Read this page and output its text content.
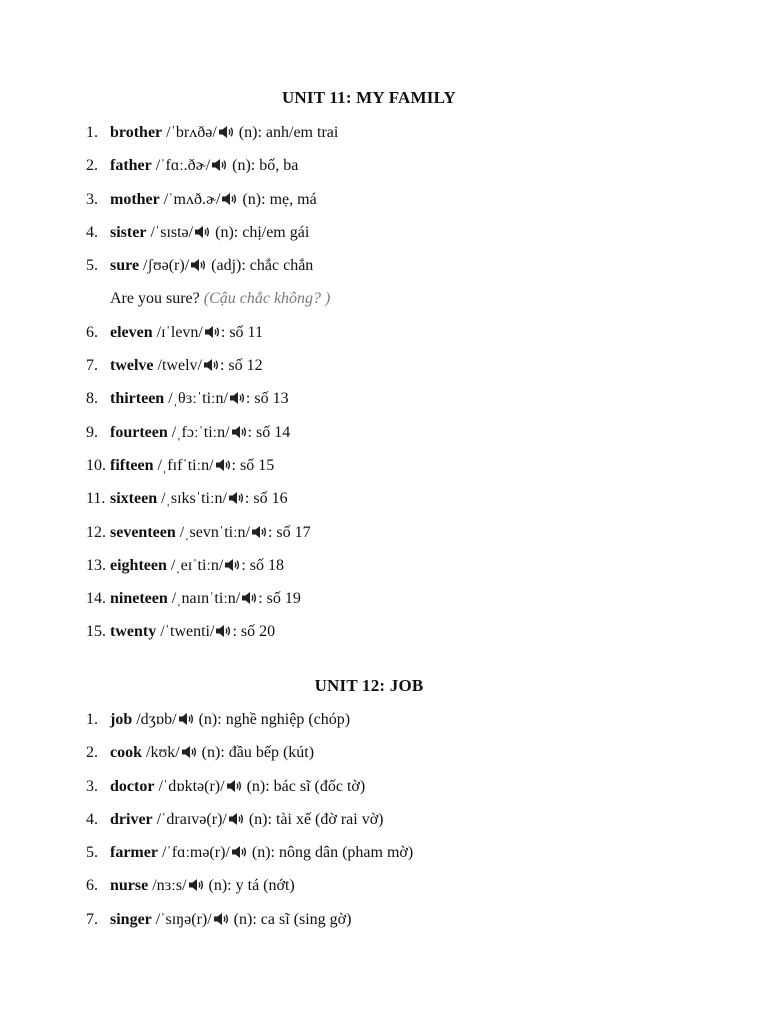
UNIT 11: MY FAMILY
1. brother /ˈbrʌðə/ (n): anh/em trai
2. father /ˈfɑː.ðɚ/ (n): bố, ba
3. mother /ˈmʌð.ɚ/ (n): mẹ, má
4. sister /ˈsɪstə/ (n): chị/em gái
5. sure /ʃʊə(r)/ (adj): chắc chắn
Are you sure? (Cậu chắc không? )
6. eleven /ɪˈlevn/ : số 11
7. twelve /twelv/ : số 12
8. thirteen /ˌθɜːˈtiːn/ : số 13
9. fourteen /ˌfɔːˈtiːn/ : số 14
10. fifteen /ˌfɪfˈtiːn/ : số 15
11. sixteen /ˌsɪksˈtiːn/ : số 16
12. seventeen /ˌsevnˈtiːn/ : số 17
13. eighteen /ˌeɪˈtiːn/ : số 18
14. nineteen /ˌnaɪnˈtiːn/ : số 19
15. twenty /ˈtwenti/ : số 20
UNIT 12: JOB
1. job /dʒɒb/ (n): nghề nghiệp (chóp)
2. cook /kʊk/ (n): đầu bếp (kút)
3. doctor /ˈdɒktə(r)/ (n): bác sĩ (đốc tờ)
4. driver /ˈdraɪvə(r)/ (n): tài xế (đờ rai vờ)
5. farmer /ˈfɑːmə(r)/ (n): nông dân (pham mờ)
6. nurse /nɜːs/ (n): y tá (nớt)
7. singer /ˈsɪŋə(r)/ (n): ca sĩ (sing gờ)
